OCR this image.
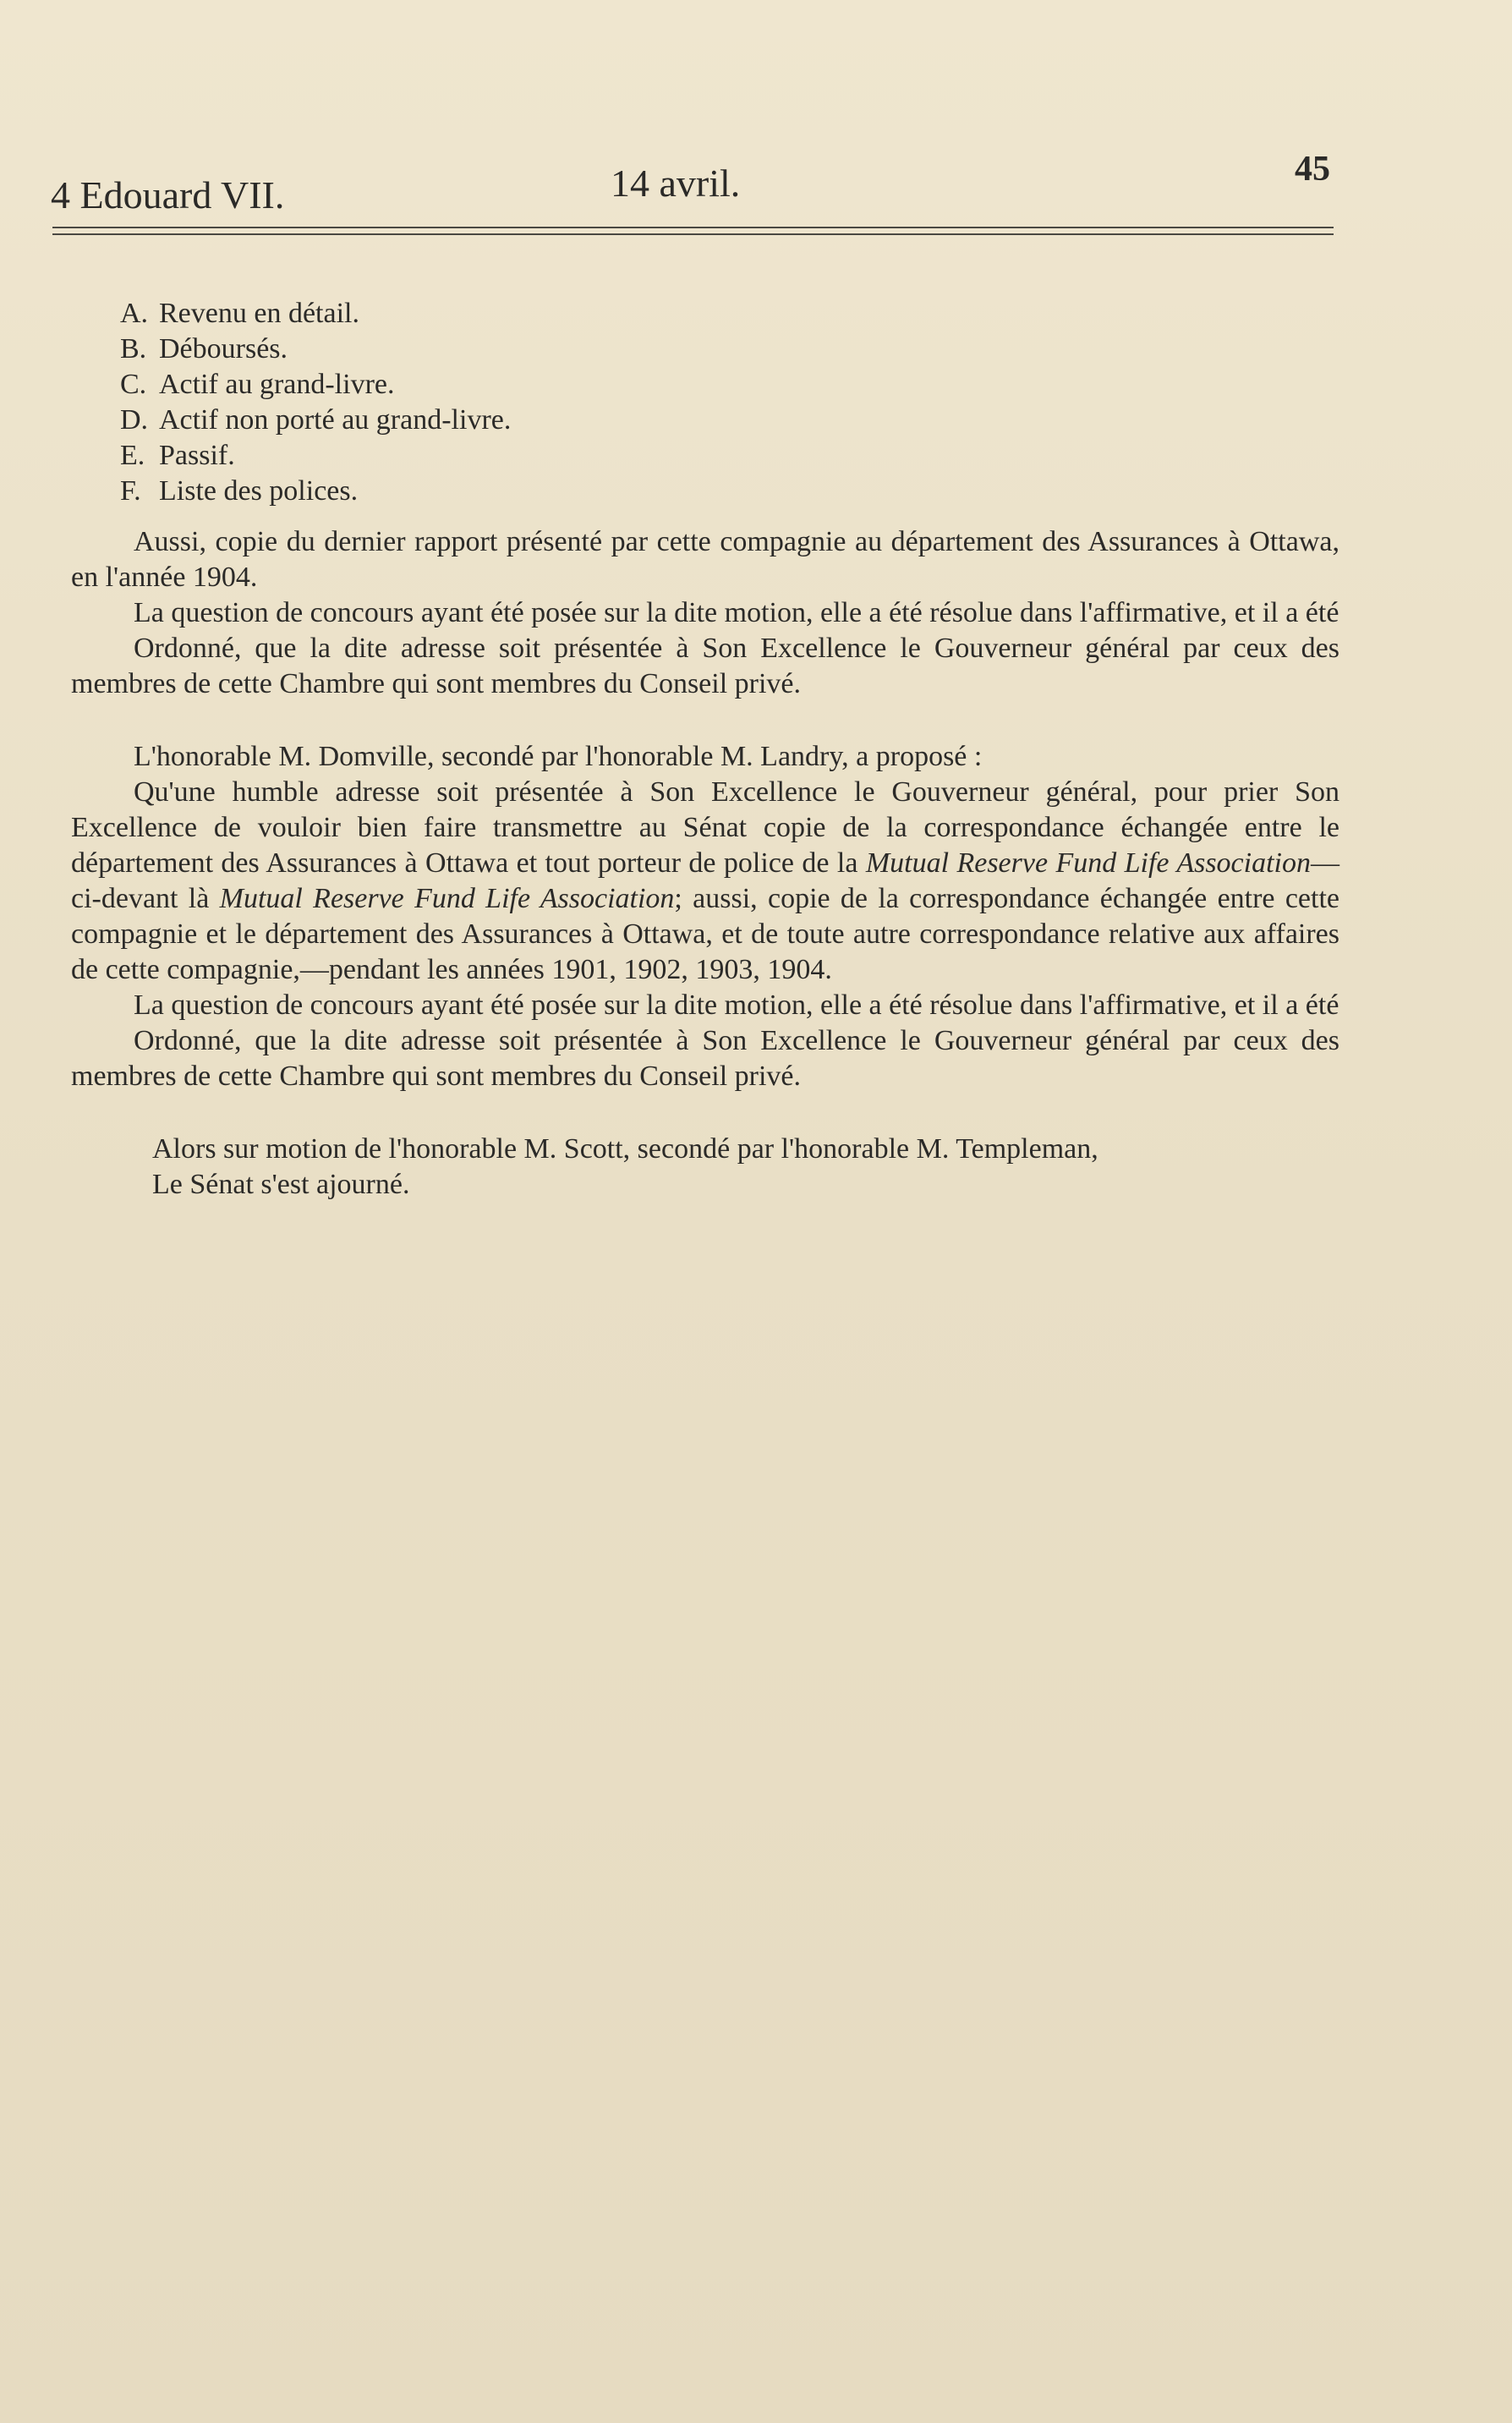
4 Edouard VII.	14 avril.	45
A. Revenu en détail.
B. Déboursés.
C. Actif au grand-livre.
D. Actif non porté au grand-livre.
E. Passif.
F. Liste des polices.

Aussi, copie du dernier rapport présenté par cette compagnie au département des Assurances à Ottawa, en l'année 1904.

La question de concours ayant été posée sur la dite motion, elle a été résolue dans l'affirmative, et il a été

Ordonné, que la dite adresse soit présentée à Son Excellence le Gouverneur général par ceux des membres de cette Chambre qui sont membres du Conseil privé.

L'honorable M. Domville, secondé par l'honorable M. Landry, a proposé :

Qu'une humble adresse soit présentée à Son Excellence le Gouverneur général, pour prier Son Excellence de vouloir bien faire transmettre au Sénat copie de la correspondance échangée entre le département des Assurances à Ottawa et tout porteur de police de la Mutual Reserve Fund Life Association—ci-devant là Mutual Reserve Fund Life Association; aussi, copie de la correspondance échangée entre cette compagnie et le département des Assurances à Ottawa, et de toute autre correspondance relative aux affaires de cette compagnie,—pendant les années 1901, 1902, 1903, 1904.

La question de concours ayant été posée sur la dite motion, elle a été résolue dans l'affirmative, et il a été

Ordonné, que la dite adresse soit présentée à Son Excellence le Gouverneur général par ceux des membres de cette Chambre qui sont membres du Conseil privé.

Alors sur motion de l'honorable M. Scott, secondé par l'honorable M. Templeman,

Le Sénat s'est ajourné.
